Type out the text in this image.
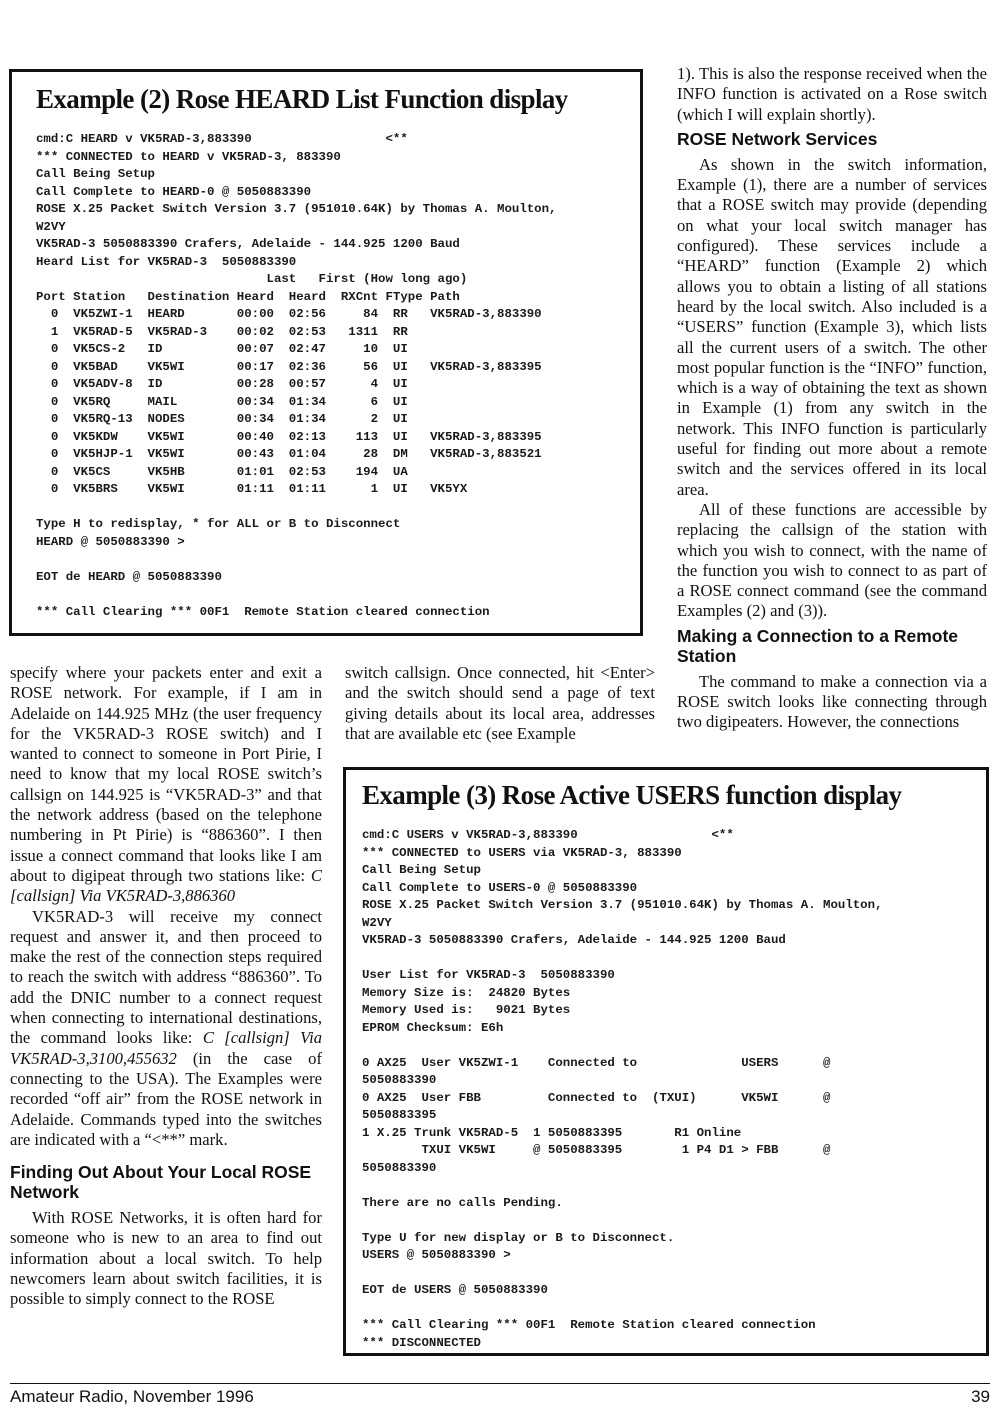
Example (2) Rose HEARD List Function display
cmd:C HEARD v VK5RAD-3,883390                  <**
*** CONNECTED to HEARD v VK5RAD-3, 883390
Call Being Setup
Call Complete to HEARD-0 @ 5050883390
ROSE X.25 Packet Switch Version 3.7 (951010.64K) by Thomas A. Moulton,
W2VY
VK5RAD-3 5050883390 Crafers, Adelaide - 144.925 1200 Baud
Heard List for VK5RAD-3  5050883390
Last   First (How long ago)
Port Station   Destination Heard  Heard  RXCnt FType Path
0  VK5ZWI-1  HEARD       00:00  02:56     84  RR   VK5RAD-3,883390
1  VK5RAD-5  VK5RAD-3    00:02  02:53   1311  RR
0  VK5CS-2   ID          00:07  02:47     10  UI
0  VK5BAD    VK5WI       00:17  02:36     56  UI   VK5RAD-3,883395
0  VK5ADV-8  ID          00:28  00:57      4  UI
0  VK5RQ     MAIL        00:34  01:34      6  UI
0  VK5RQ-13  NODES       00:34  01:34      2  UI
0  VK5KDW    VK5WI       00:40  02:13    113  UI   VK5RAD-3,883395
0  VK5HJP-1  VK5WI       00:43  01:04     28  DM   VK5RAD-3,883521
0  VK5CS     VK5HB       01:01  02:53    194  UA
0  VK5BRS    VK5WI       01:11  01:11      1  UI   VK5YX

Type H to redisplay, * for ALL or B to Disconnect
HEARD @ 5050883390 >

EOT de HEARD @ 5050883390

*** Call Clearing *** 00F1  Remote Station cleared connection

1). This is also the response received when the INFO function is activated on a Rose switch (which I will explain shortly).

ROSE Network Services

As shown in the switch information, Example (1), there are a number of services that a ROSE switch may provide (depending on what your local switch manager has configured). These services include a “HEARD” function (Example 2) which allows you to obtain a listing of all stations heard by the local switch. Also included is a “USERS” function (Example 3), which lists all the current users of a switch. The other most popular function is the “INFO” function, which is a way of obtaining the text as shown in Example (1) from any switch in the network. This INFO function is particularly useful for finding out more about a remote switch and the services offered in its local area.

All of these functions are accessible by replacing the callsign of the station with which you wish to connect, with the name of the function you wish to connect to as part of a ROSE connect command (see the command Examples (2) and (3)).

Making a Connection to a Remote Station

The command to make a connection via a ROSE switch looks like connecting through two digipeaters. However, the connections

specify where your packets enter and exit a ROSE network. For example, if I am in Adelaide on 144.925 MHz (the user frequency for the VK5RAD-3 ROSE switch) and I wanted to connect to someone in Port Pirie, I need to know that my local ROSE switch’s callsign on 144.925 is “VK5RAD-3” and that the network address (based on the telephone numbering in Pt Pirie) is “886360”. I then issue a connect command that looks like I am about to digipeat through two stations like: C [callsign] Via VK5RAD-3,886360

VK5RAD-3 will receive my connect request and answer it, and then proceed to make the rest of the connection steps required to reach the switch with address “886360”. To add the DNIC number to a connect request when connecting to international destinations, the command looks like: C [callsign] Via VK5RAD-3,3100,455632 (in the case of connecting to the USA). The Examples were recorded “off air” from the ROSE network in Adelaide. Commands typed into the switches are indicated with a “<**” mark.

Finding Out About Your Local ROSE Network

With ROSE Networks, it is often hard for someone who is new to an area to find out information about a local switch. To help newcomers learn about switch facilities, it is possible to simply connect to the ROSE

switch callsign. Once connected, hit <Enter> and the switch should send a page of text giving details about its local area, addresses that are available etc (see Example

Example (3) Rose Active USERS function display
cmd:C USERS v VK5RAD-3,883390                  <**
*** CONNECTED to USERS via VK5RAD-3, 883390
Call Being Setup
Call Complete to USERS-0 @ 5050883390
ROSE X.25 Packet Switch Version 3.7 (951010.64K) by Thomas A. Moulton,
W2VY
VK5RAD-3 5050883390 Crafers, Adelaide - 144.925 1200 Baud

User List for VK5RAD-3  5050883390
Memory Size is:  24820 Bytes
Memory Used is:   9021 Bytes
EPROM Checksum: E6h

0 AX25  User VK5ZWI-1    Connected to              USERS      @
5050883390
0 AX25  User FBB         Connected to  (TXUI)      VK5WI      @
5050883395
1 X.25 Trunk VK5RAD-5  1 5050883395       R1 Online
TXUI VK5WI     @ 5050883395        1 P4 D1 > FBB      @
5050883390

There are no calls Pending.

Type U for new display or B to Disconnect.
USERS @ 5050883390 >

EOT de USERS @ 5050883390

*** Call Clearing *** 00F1  Remote Station cleared connection
*** DISCONNECTED
Amateur Radio, November 1996	39
